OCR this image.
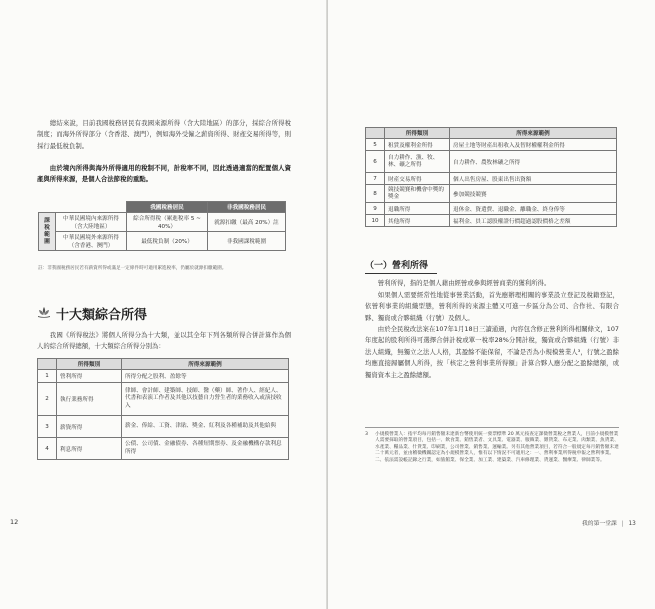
總結來說，目前我國稅務居民有我國來源所得（含大陸地區）的部分，採綜合所得稅制度；而海外所得部分（含香港、澳門），例如海外受僱之薪資所得、財產交易所得等，則採行最低稅負制。

由於境內所得與海外所得適用的稅制不同，計稅率不同，因此透過適當的配置個人資產與所得來源，是個人合法節稅的重點。

		我國稅務居民	非我國稅務居民
課稅範圍	中華民國境內來源所得（含大陸地區）	綜合所得稅（累進稅率 5 ~ 40%）	就源扣繳（最高 20%）註
	中華民國境外來源所得（含香港、澳門）	最低稅負制（20%）	非我國課稅範圍
註：非我國稅務居民若有薪資所得或滿足一定條件時可適用累進稅率，仍屬於就源扣繳範圍。
十大類綜合所得

我國《所得稅法》將個人所得分為十大類，並以其全年下列各類所得合併計算作為個人的綜合所得總額，十大類綜合所得分別為：

	所得類別	所得來源範例
1	營利所得	所得分配之股利、盈餘等
2	執行業務所得	律師、會計師、建築師、技師、醫（藥）師、著作人、經紀人、代書和表演工作者及其他以技藝自力營生者的業務收入或演技收入
3	薪資所得	薪金、俸給、工資、津貼、獎金、紅利及各種補助及其他給與
4	利息所得	公債、公司債、金融債券、各種短期票券、及金融機構存款利息所得
12
	所得類別	所得來源範例
5	租賃及權利金所得	房屋土地等財產出租收入及智財權權利金所得
6	自力耕作、漁、牧、林、礦之所得	自力耕作、農牧林礦之所得
7	財產交易所得	個人出售房屋、股東出售出資額
8	競技競賽和機會中獎的獎金	參加競技競賽
9	退職所得	退休金、資遣費、退職金、離職金、終身俸等
10	其他所得	福利金、員工認股權證行價超過認股價格之差額
（一）營利所得

營利所得，指的是個人藉由經營或參與經營商業的獲利所得。

如果個人需要經常性地從事營業活動，首先應辦理相關的事業設立登記及稅籍登記，依營利事業的組織型態，營利所得的來源主體又可進一步區分為公司、合作社、有限合夥、獨資或合夥組織（行號）及個人。

由於全民稅改法案在107年1月18日三讀通過，內容包含修正營利所得相關條文，107年度起的股利所得可選擇合併計稅或單一稅率28%分開計稅，獨資或合夥組織（行號）非法人組織，無獨立之法人人格，其盈餘不能保留，不論是否為小規模營業人³，行號之盈餘均應直接歸屬個人所得，按「核定之營利事業所得額」計算合夥人應分配之盈餘總額，或獨資資本主之盈餘總額。

3 小規模營業人：指平均每月銷售額未達新台幣使用統一發票標準 20 萬元按查定課徵營業稅之營業人，目前小規模營業人需要採取的營業項目，包括一、飲食業、銷售業者、文具業、電器業、服飾業、雜貨業、布疋業、肉類業、魚貨業、水產業、糧品業、什貨業、印刷業，公司營業、銷售業、運輸業。另有其他營業項目，若符合一般規定每月銷售額未達二十萬元者，並由稽徵機關認定為小規模營業人，惟有以下情況不可適用之：一、營利事業所得稅申報之營利事業。二、依法需設帳記錄之行業，如旅館業、保全業、加工業、建築業、汽車修理業、貨運業、醫療業、律師業等。
我的第一堂課 | 13
